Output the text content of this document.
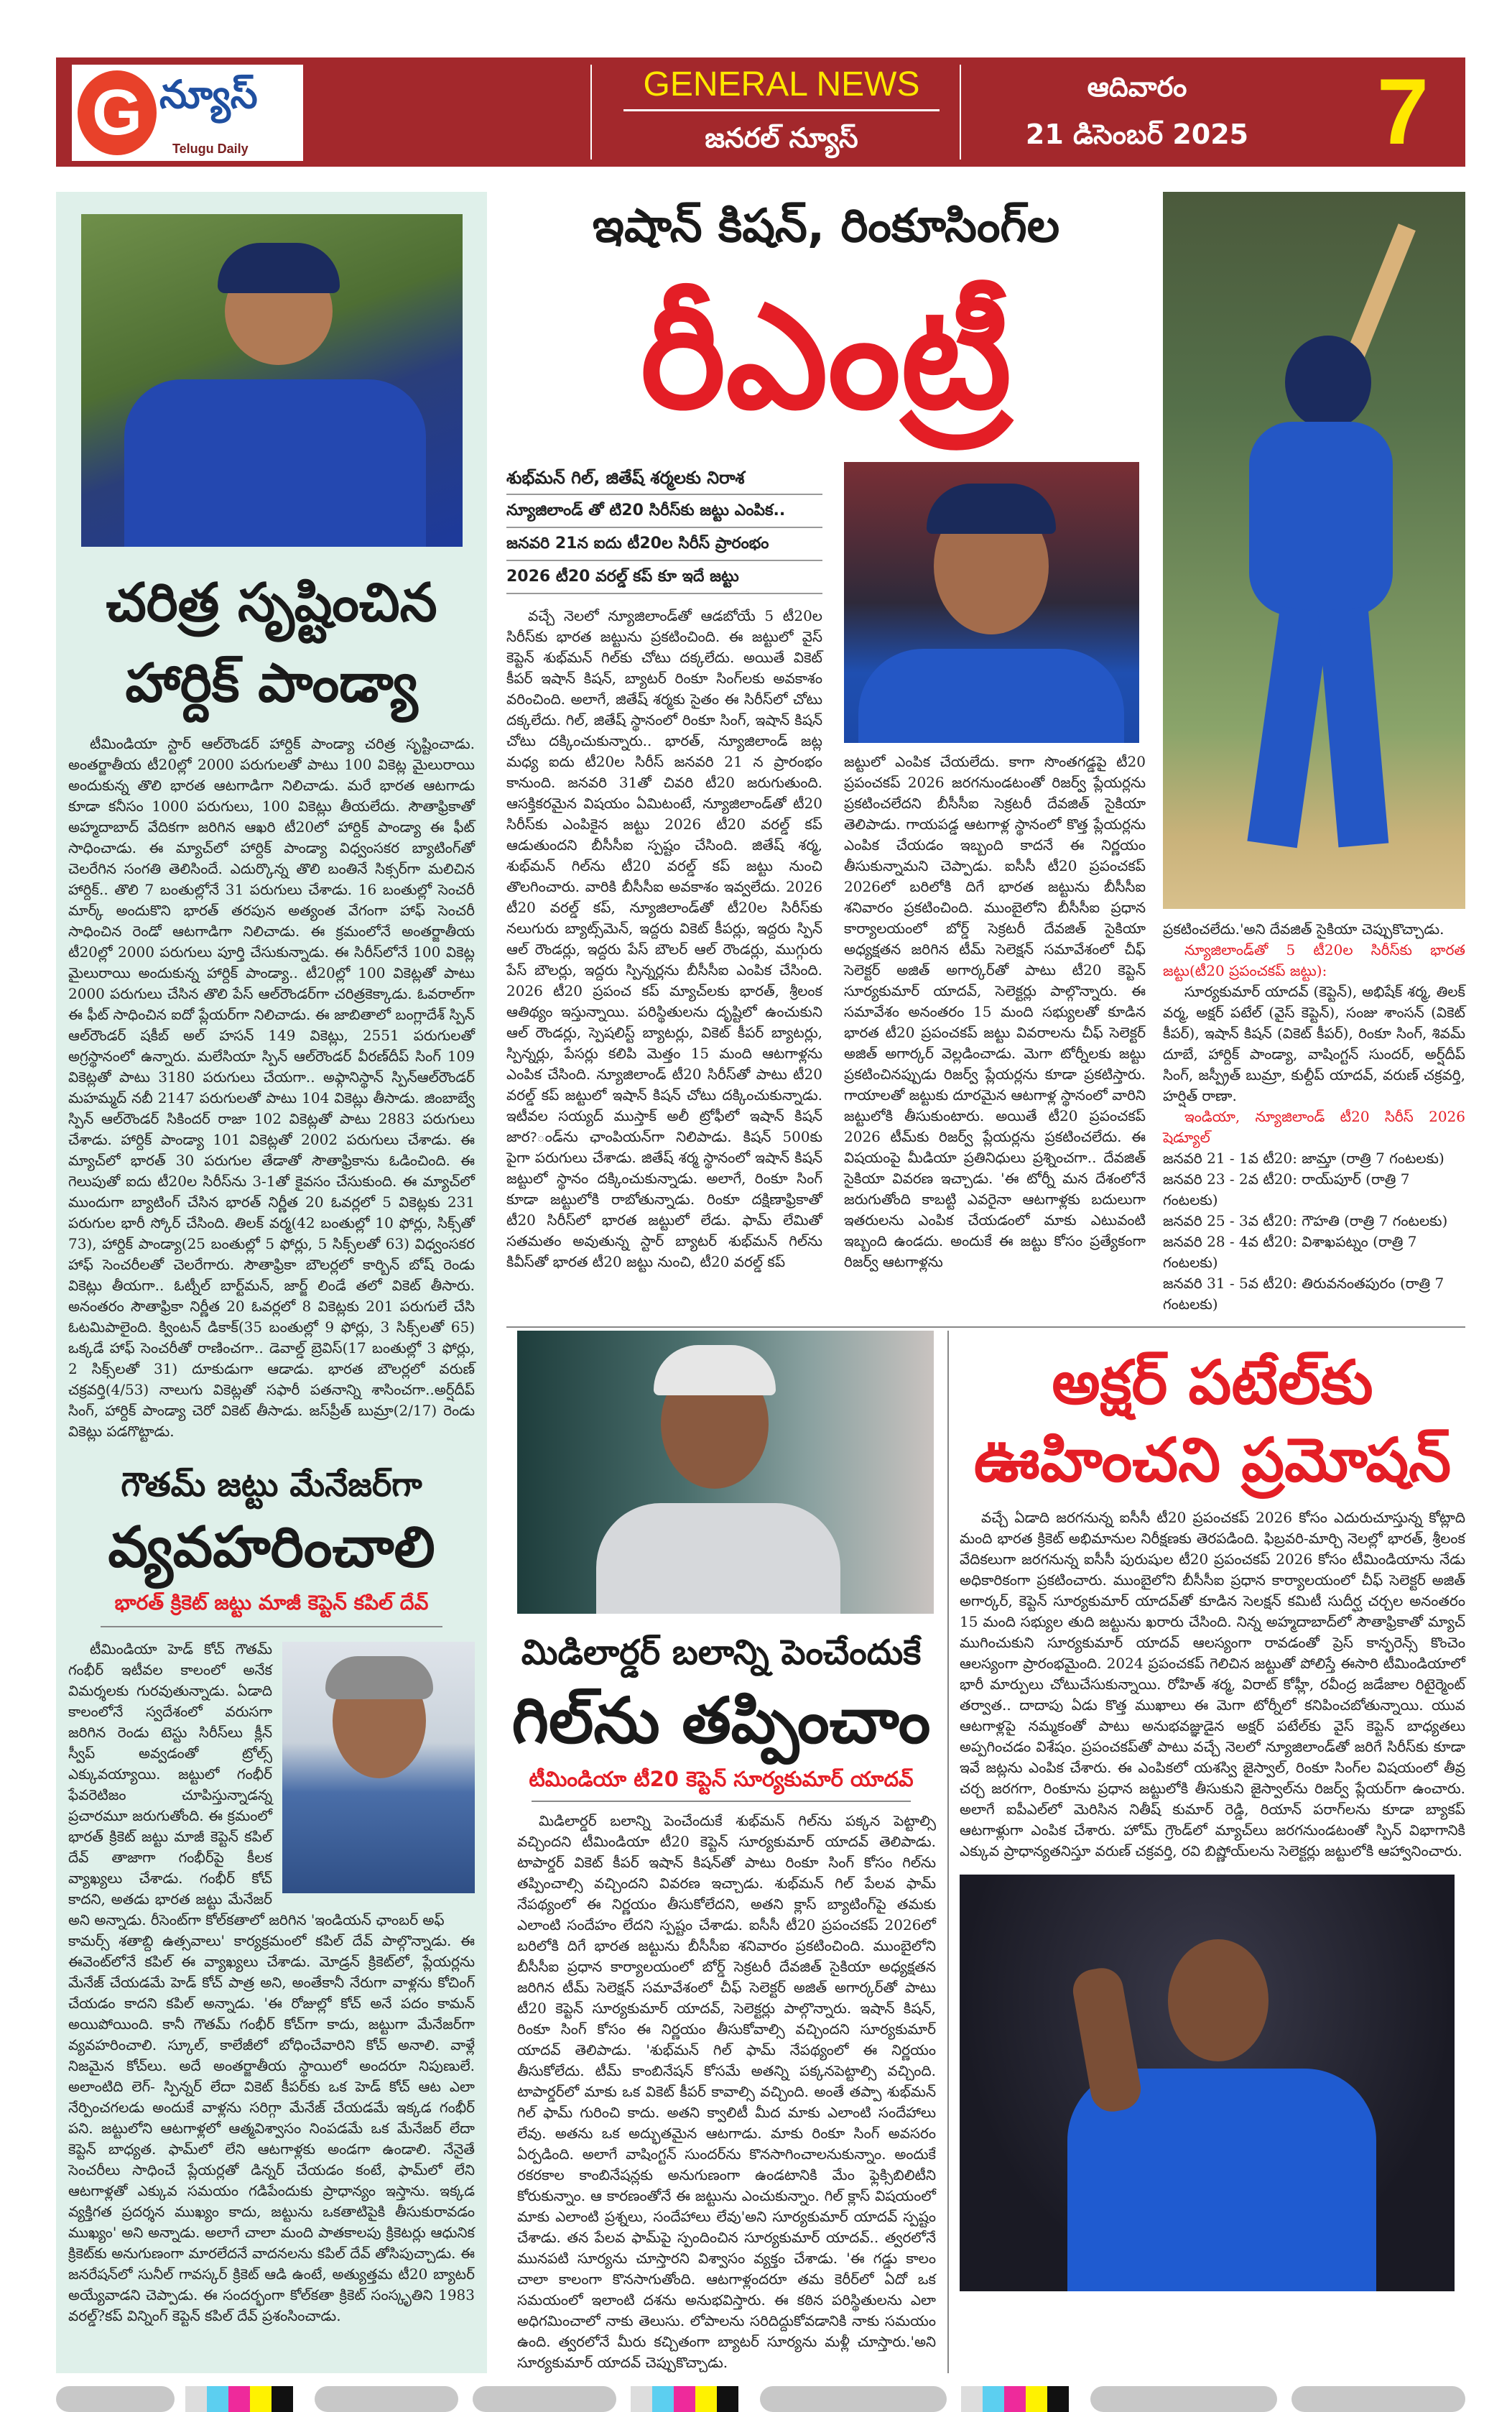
G న్యూస్
Telugu Daily
GENERAL NEWS
జనరల్ న్యూస్
ఆదివారం
21 డిసెంబర్ 2025	7
చరిత్ర సృష్టించిన
హార్దిక్ పాండ్యా

టీమిండియా స్టార్ ఆల్‌రౌండర్ హార్దిక్ పాండ్యా చరిత్ర సృష్టించాడు. అంతర్జాతీయ టీ20ల్లో 2000 పరుగులతో పాటు 100 వికెట్ల మైలురాయి అందుకున్న తొలి భారత ఆటగాడిగా నిలిచాడు. మరే భారత ఆటగాడు కూడా కనీసం 1000 పరుగులు, 100 వికెట్లు తీయలేదు. సౌతాఫ్రికాతో అహ్మదాబాద్ వేదికగా జరిగిన ఆఖరి టీ20లో హార్దిక్ పాండ్యా ఈ ఫీట్ సాధించాడు. ఈ మ్యాచ్‌లో హార్దిక్ పాండ్యా విధ్వంసకర బ్యాటింగ్‌తో చెలరేగిన సంగతి తెలిసిందే. ఎదుర్కొన్న తొలి బంతినే సిక్సర్‌గా మలిచిన హార్దిక్.. తొలి 7 బంతుల్లోనే 31 పరుగులు చేశాడు. 16 బంతుల్లో సెంచరీ మార్క్ అందుకొని భారత్ తరపున అత్యంత వేగంగా హాఫ్ సెంచరీ సాధించిన రెండో ఆటగాడిగా నిలిచాడు. ఈ క్రమంలోనే అంతర్జాతీయ టీ20ల్లో 2000 పరుగులు పూర్తి చేసుకున్నాడు. ఈ సిరీస్‌లోనే 100 వికెట్ల మైలురాయి అందుకున్న హార్దిక్ పాండ్యా.. టీ20ల్లో 100 వికెట్లతో పాటు 2000 పరుగులు చేసిన తొలి పేస్ ఆల్‌రౌండర్‌గా చరిత్రకెక్కాడు. ఓవరాల్‌గా ఈ ఫీట్ సాధించిన ఐదో ప్లేయర్‌గా నిలిచాడు. ఈ జాబితాలో బంగ్లాదేశ్ స్పిన్ ఆల్‌రౌండర్ షకీబ్ అల్ హసన్ 149 వికెట్లు, 2551 పరుగులతో అగ్రస్థానంలో ఉన్నారు. మలేసియా స్పిన్ ఆల్‌రౌండర్ వీరణ్‌దీప్ సింగ్ 109 వికెట్లతో పాటు 3180 పరుగులు చేయగా.. అఫ్గానిస్థాన్ స్పిన్‌ఆల్‌రౌండర్ మహమ్మద్ నబీ 2147 పరుగులతో పాటు 104 వికెట్లు తీసాడు. జింబాబ్వే స్పిన్ ఆల్‌రౌండర్ సికిందర్ రాజా 102 వికెట్లతో పాటు 2883 పరుగులు చేశాడు. హార్దిక్ పాండ్యా 101 వికెట్లతో 2002 పరుగులు చేశాడు. ఈ మ్యాచ్‌లో భారత్ 30 పరుగుల తేడాతో సౌతాఫ్రికాను ఓడించింది. ఈ గెలుపుతో ఐదు టీ20ల సిరీస్‌ను 3-1తో కైవసం చేసుకుంది. ఈ మ్యాచ్‌లో ముందుగా బ్యాటింగ్ చేసిన భారత్ నిర్ణీత 20 ఓవర్లలో 5 వికెట్లకు 231 పరుగుల భారీ స్కోర్ చేసింది. తిలక్ వర్మ(42 బంతుల్లో 10 ఫోర్లు, సిక్స్‌తో 73), హార్దిక్ పాండ్యా(25 బంతుల్లో 5 ఫోర్లు, 5 సిక్స్‌లతో 63) విధ్వంసకర హాఫ్ సెంచరీలతో చెలరేగారు. సౌతాఫ్రికా బౌలర్లలో కార్బిన్ బోష్ రెండు వికెట్లు తీయగా.. ఓట్నీల్ బార్ట్‌మన్, జార్జ్ లిండే తలో వికెట్ తీసారు. అనంతరం సౌతాఫ్రికా నిర్ణీత 20 ఓవర్లలో 8 వికెట్లకు 201 పరుగులే చేసి ఓటమిపాలైంది. క్వింటన్ డికాక్(35 బంతుల్లో 9 ఫోర్లు, 3 సిక్స్‌లతో 65) ఒక్కడే హాఫ్ సెంచరీతో రాణించగా.. డెవాల్డ్ బ్రెవిస్(17 బంతుల్లో 3 ఫోర్లు, 2 సిక్స్‌లతో 31) దూకుడుగా ఆడాడు. భారత బౌలర్లలో వరుణ్ చక్రవర్తి(4/53) నాలుగు వికెట్లతో సఫారీ పతనాన్ని శాసించగా..అర్ష్‌దీప్ సింగ్, హార్దిక్ పాండ్యా చెరో వికెట్ తీసాడు. జస్‌ప్రీత్ బుమ్రా(2/17) రెండు వికెట్లు పడగొట్టాడు.

గౌతమ్ జట్టు మేనేజర్‌గా
వ్యవహరించాలి
భారత్ క్రికెట్ జట్టు మాజీ కెప్టెన్ కపిల్ దేవ్

టీమిండియా హెడ్ కోచ్ గౌతమ్ గంభీర్ ఇటీవల కాలంలో అనేక విమర్శలకు గురవుతున్నాడు. ఏడాది కాలంలోనే స్వదేశంలో వరుసగా జరిగిన రెండు టెస్టు సిరీస్‌లు క్లీన్ స్వీప్ అవ్వడంతో ట్రోల్స్ ఎక్కువయ్యాయి. జట్టులో గంభీర్ ఫేవరెటిజం చూపిస్తున్నాడన్న ప్రచారమూ జరుగుతోంది. ఈ క్రమంలో భారత్ క్రికెట్ జట్టు మాజీ కెప్టెన్ కపిల్ దేవ్ తాజాగా గంభీర్‌పై కీలక వ్యాఖ్యలు చేశాడు. గంభీర్ కోచ్ కాదని, అతడు భారత జట్టు మేనేజర్ అని అన్నాడు. రీసెంట్‌గా కోల్‌కతాలో జరిగిన 'ఇండియన్ ఛాంబర్ అఫ్

కామర్స్ శతాబ్ది ఉత్సవాలు' కార్యక్రమంలో కపిల్ దేవ్ పాల్గొన్నాడు. ఈ ఈవెంట్‌లోనే కపిల్ ఈ వ్యాఖ్యలు చేశాడు. మోడ్రన్ క్రికెట్‌లో, ప్లేయర్లను మేనేజ్ చేయడమే హెడ్ కోచ్ పాత్ర అని, అంతేకానీ నేరుగా వాళ్లను కోచింగ్ చేయడం కాదని కపిల్ అన్నాడు. 'ఈ రోజుల్లో కోచ్ అనే పదం కామన్ అయిపోయింది. కానీ గౌతమ్ గంభీర్ కోచ్‌గా కాదు, జట్టుగా మేనేజర్‌గా వ్యవహరించాలి. స్కూల్, కాలేజీలో బోధించేవారిని కోచ్ అనాలి. వాళ్లే నిజమైన కోచ్‌లు. అదే అంతర్జాతీయ స్థాయిలో అందరూ నిపుణులే. అలాంటిది లెగ్- స్పిన్నర్ లేదా వికెట్ కీపర్‌కు ఒక హెడ్ కోచ్ ఆట ఎలా నేర్పించగలడు అందుకే వాళ్లను సరిగ్గా మేనేజ్ చేయడమే ఇక్కడ గంభీర్ పని. జట్టులోని ఆటగాళ్లలో ఆత్మవిశ్వాసం నింపడమే ఒక మేనేజర్ లేదా కెప్టెన్ బాధ్యత. ఫామ్‌లో లేని ఆటగాళ్లకు అండగా ఉండాలి. నేనైతే సెంచరీలు సాధించే ప్లేయర్లతో డిన్నర్ చేయడం కంటే, ఫామ్‌లో లేని ఆటగాళ్లతో ఎక్కువ సమయం గడిపేందుకు ప్రాధాన్యం ఇస్తాను. ఇక్కడ వ్యక్తిగత ప్రదర్శన ముఖ్యం కాదు, జట్టును ఒకతాటిపైకి తీసుకురావడం ముఖ్యం' అని అన్నాడు. అలాగే చాలా మంది పాతకాలపు క్రికెటర్లు ఆధునిక క్రికెట్‌కు అనుగుణంగా మారలేదనే వాదనలను కపిల్ దేవ్ తోసిపుచ్చాడు. ఈ జనరేషన్‌లో సునీల్ గావస్కర్ క్రికెట్ ఆడి ఉంటే, అత్యుత్తమ టీ20 బ్యాటర్ అయ్యేవాడని చెప్పాడు. ఈ సందర్భంగా కోల్‌కతా క్రికెట్ సంస్కృతిని 1983 వరల్డ్?కప్ విన్నింగ్ కెప్టెన్ కపిల్ దేవ్ ప్రశంసించాడు.

ఇషాన్ కిషన్, రింకూసింగ్‌ల
రీఎంట్రీ
శుభ్‌మన్ గిల్, జితేష్ శర్మలకు నిరాశ
న్యూజిలాండ్ తో టి20 సిరీస్‌కు జట్టు ఎంపిక..
జనవరి 21న ఐదు టీ20ల సిరీస్ ప్రారంభం
2026 టీ20 వరల్డ్ కప్ కూ ఇదే జట్టు

వచ్చే నెలలో న్యూజిలాండ్‌తో ఆడబోయే 5 టీ20ల సిరీస్‌కు భారత జట్టును ప్రకటించింది. ఈ జట్టులో వైస్ కెప్టెన్ శుభ్‌మన్ గిల్‌కు చోటు దక్కలేదు. అయితే వికెట్ కీపర్ ఇషాన్ కిషన్, బ్యాటర్ రింకూ సింగ్‌లకు అవకాశం వరించింది. అలాగే, జితేష్ శర్మకు సైతం ఈ సిరీస్‌లో చోటు దక్కలేదు. గిల్, జితేష్ స్థానంలో రింకూ సింగ్, ఇషాన్ కిషన్ చోటు దక్కించుకున్నారు.. భారత్, న్యూజిలాండ్ జట్ల మధ్య ఐదు టీ20ల సిరీస్ జనవరి 21 న ప్రారంభం కానుంది. జనవరి 31తో చివరి టీ20 జరుగుతుంది. ఆసక్తికరమైన విషయం ఏమిటంటే, న్యూజిలాండ్‌తో టీ20 సిరీస్‌కు ఎంపికైన జట్టు 2026 టీ20 వరల్డ్ కప్ ఆడుతుందని బీసీసీఐ స్పష్టం చేసింది. జితేష్ శర్మ, శుభ్‌మన్ గిల్‌ను టీ20 వరల్డ్ కప్ జట్టు నుంచి తొలగించారు. వారికి బీసీసీఐ అవకాశం ఇవ్వలేదు. 2026 టీ20 వరల్డ్ కప్, న్యూజిలాండ్‌తో టీ20ల సిరీస్‌కు నలుగురు బ్యాట్స్‌మెన్, ఇద్దరు వికెట్ కీపర్లు, ఇద్దరు స్పిన్ ఆల్ రౌండర్లు, ఇద్దరు పేస్ బౌలర్ ఆల్ రౌండర్లు, ముగ్గురు పేస్ బౌలర్లు, ఇద్దరు స్పిన్నర్లను బీసీసీఐ ఎంపిక చేసింది. 2026 టీ20 ప్రపంచ కప్ మ్యాచ్‌లకు భారత్, శ్రీలంక ఆతిథ్యం ఇస్తున్నాయి. పరిస్థితులను దృష్టిలో ఉంచుకుని ఆల్ రౌండర్లు, స్పెషలిస్ట్ బ్యాటర్లు, వికెట్ కీపర్ బ్యాటర్లు, స్పిన్నర్లు, పేసర్లు కలిపి మెత్తం 15 మంది ఆటగాళ్లను ఎంపిక చేసింది. న్యూజిలాండ్ టీ20 సిరీస్‌తో పాటు టీ20 వరల్డ్ కప్ జట్టులో ఇషాన్ కిషన్ చోటు దక్కించుకున్నాడు. ఇటీవల సయ్యద్ ముస్తాక్ అలీ ట్రోఫీలో ఇషాన్ కిషన్ జార?ండ్‌ను ఛాంపియన్‌గా నిలిపాడు. కిషన్ 500కు పైగా పరుగులు చేశాడు. జితేష్ శర్మ స్థానంలో ఇషాన్ కిషన్ జట్టులో స్థానం దక్కించుకున్నాడు. అలాగే, రింకూ సింగ్ కూడా జట్టులోకి రాబోతున్నాడు. రింకూ దక్షిణాఫ్రికాతో టీ20 సిరీస్‌లో భారత జట్టులో లేడు. ఫామ్ లేమితో సతమతం అవుతున్న స్టార్ బ్యాటర్ శుభ్‌మన్ గిల్‌ను కివీస్‌తో భారత టీ20 జట్టు నుంచి, టీ20 వరల్డ్ కప్

జట్టులో ఎంపిక చేయలేదు. కాగా సొంతగడ్డపై టీ20 ప్రపంచకప్ 2026 జరగనుండటంతో రిజర్వ్ ప్లేయర్లను ప్రకటించలేదని బీసీసీఐ సెక్రటరీ దేవజిత్ సైకియా తెలిపాడు. గాయపడ్డ ఆటగాళ్ల స్థానంలో కొత్త ప్లేయర్లను ఎంపిక చేయడం ఇబ్బంది కాదనే ఈ నిర్ణయం తీసుకున్నామని చెప్పాడు. ఐసీసీ టీ20 ప్రపంచకప్ 2026లో బరిలోకి దిగే భారత జట్టును బీసీసీఐ శనివారం ప్రకటించింది. ముంబైలోని బీసీసీఐ ప్రధాన కార్యాలయంలో బోర్డ్ సెక్రటరీ దేవజిత్ సైకియా అధ్యక్షతన జరిగిన టీమ్ సెలెక్షన్ సమావేశంలో చీఫ్ సెలెక్టర్ అజిత్ అగార్కర్‌తో పాటు టీ20 కెప్టెన్ సూర్యకుమార్ యాదవ్, సెలెక్టర్లు పాల్గొన్నారు. ఈ సమావేశం అనంతరం 15 మంది సభ్యులతో కూడిన భారత టీ20 ప్రపంచకప్ జట్టు వివరాలను చీఫ్ సెలెక్టర్ అజిత్ అగార్కర్ వెల్లడించాడు. మెగా టోర్నీలకు జట్టు ప్రకటించినప్పుడు రిజర్వ్ ప్లేయర్లను కూడా ప్రకటిస్తారు. గాయాలతో జట్టుకు దూరమైన ఆటగాళ్ల స్థానంలో వారిని జట్టులోకి తీసుకుంటారు. అయితే టీ20 ప్రపంచకప్ 2026 టీమ్‌కు రిజర్వ్ ప్లేయర్లను ప్రకటించలేదు. ఈ విషయంపై మీడియా ప్రతినిధులు ప్రశ్నించగా.. దేవజిత్ సైకియా వివరణ ఇచ్చాడు. 'ఈ టోర్నీ మన దేశంలోనే జరుగుతోంది కాబట్టి ఎవరైనా ఆటగాళ్లకు బదులుగా ఇతరులను ఎంపిక చేయడంలో మాకు ఎటువంటి ఇబ్బంది ఉండదు. అందుకే ఈ జట్టు కోసం ప్రత్యేకంగా రిజర్వ్ ఆటగాళ్లను

ప్రకటించలేదు.'అని దేవజిత్ సైకియా చెప్పుకొచ్చాడు.

న్యూజిలాండ్‌తో 5 టీ20ల సిరీస్‌కు భారత జట్టు(టీ20 ప్రపంచకప్ జట్టు):

సూర్యకుమార్ యాదవ్ (కెప్టెన్), అభిషేక్ శర్మ, తిలక్ వర్మ, అక్షర్ పటేల్ (వైస్ కెప్టెన్), సంజు శాంసన్ (వికెట్ కీపర్), ఇషాన్ కిషన్ (వికెట్ కీపర్), రింకూ సింగ్, శివమ్ దూబే, హార్దిక్ పాండ్యా, వాషింగ్టన్ సుందర్, అర్ష్‌దీప్ సింగ్, జస్ప్రీత్ బుమ్రా, కుల్దీప్ యాదవ్, వరుణ్ చక్రవర్తి, హర్షిత్ రాణా.

ఇండియా, న్యూజిలాండ్ టీ20 సిరీస్ 2026 షెడ్యూల్

జనవరి 21 - 1వ టీ20: జామ్తా (రాత్రి 7 గంటలకు)
జనవరి 23 - 2వ టీ20: రాయ్‌పూర్ (రాత్రి 7 గంటలకు)
జనవరి 25 - 3వ టీ20: గౌహతి (రాత్రి 7 గంటలకు)
జనవరి 28 - 4వ టీ20: విశాఖపట్నం (రాత్రి 7 గంటలకు)
జనవరి 31 - 5వ టీ20: తిరువనంతపురం (రాత్రి 7 గంటలకు)
మిడిలార్డర్ బలాన్ని పెంచేందుకే
గిల్‌ను తప్పించాం
టీమిండియా టీ20 కెప్టెన్ సూర్యకుమార్ యాదవ్

మిడిలార్డర్ బలాన్ని పెంచేందుకే శుభ్‌మన్ గిల్‌ను పక్కన పెట్టాల్సి వచ్చిందని టీమిండియా టీ20 కెప్టెన్ సూర్యకుమార్ యాదవ్ తెలిపాడు. టాపార్డర్ వికెట్ కీపర్ ఇషాన్ కిషన్‌తో పాటు రింకూ సింగ్ కోసం గిల్‌ను తప్పించాల్సి వచ్చిందని వివరణ ఇచ్చాడు. శుభ్‌మన్ గిల్ పేలవ ఫామ్ నేపథ్యంలో ఈ నిర్ణయం తీసుకోలేదని, అతని క్లాస్ బ్యాటింగ్‌పై తమకు ఎలాంటి సందేహం లేదని స్పష్టం చేశాడు. ఐసీసీ టీ20 ప్రపంచకప్ 2026లో బరిలోకి దిగే భారత జట్టును బీసీసీఐ శనివారం ప్రకటించింది. ముంబైలోని బీసీసీఐ ప్రధాన కార్యాలయంలో బోర్డ్ సెక్రటరీ దేవజిత్ సైకియా అధ్యక్షతన జరిగిన టీమ్ సెలెక్షన్ సమావేశంలో చీఫ్ సెలెక్టర్ అజిత్ అగార్కర్‌తో పాటు టీ20 కెప్టెన్ సూర్యకుమార్ యాదవ్, సెలెక్టర్లు పాల్గొన్నారు. ఇషాన్ కిషన్, రింకూ సింగ్ కోసం ఈ నిర్ణయం తీసుకోవాల్సి వచ్చిందని సూర్యకుమార్ యాదవ్ తెలిపాడు. 'శుభ్‌మన్ గిల్ ఫామ్ నేపథ్యంలో ఈ నిర్ణయం తీసుకోలేదు. టీమ్ కాంబినేషన్ కోసమే అతన్ని పక్కనపెట్టాల్సి వచ్చింది. టాపార్డర్‌లో మాకు ఒక వికెట్ కీపర్ కావాల్సి వచ్చింది. అంతే తప్పా శుభ్‌మన్ గిల్ ఫామ్ గురించి కాదు. అతని క్వాలిటీ మీద మాకు ఎలాంటి సందేహాలు లేవు. అతను ఒక అద్భుతమైన ఆటగాడు. మాకు రింకూ సింగ్ అవసరం ఏర్పడింది. అలాగే వాషింగ్టన్ సుందర్‌ను కొనసాగించాలనుకున్నాం. అందుకే రకరకాల కాంబినేషన్లకు అనుగుణంగా ఉండటానికి మేం ఫ్లెక్సిబిలిటీని కోరుకున్నాం. ఆ కారణంతోనే ఈ జట్టును ఎంచుకున్నాం. గిల్ క్లాస్ విషయంలో మాకు ఎలాంటి ప్రశ్నలు, సందేహాలు లేవు'అని సూర్యకుమార్ యాదవ్ స్పష్టం చేశాడు. తన పేలవ ఫామ్‌పై స్పందించిన సూర్యకుమార్ యాదవ్.. త్వరలోనే మునపటి సూర్యను చూస్తారని విశ్వాసం వ్యక్తం చేశాడు. 'ఈ గడ్డు కాలం చాలా కాలంగా కొనసాగుతోంది. ఆటగాళ్లందరూ తమ కెరీర్‌లో ఏదో ఒక సమయంలో ఇలాంటి దశను అనుభవిస్తారు. ఈ కఠిన పరిస్థితులను ఎలా అధిగమించాలో నాకు తెలుసు. లోపాలను సరిదిద్దుకోవడానికి నాకు సమయం ఉంది. త్వరలోనే మీరు కచ్చితంగా బ్యాటర్ సూర్యను మళ్లీ చూస్తారు.'అని సూర్యకుమార్ యాదవ్ చెప్పుకొచ్చాడు.

అక్షర్ పటేల్‌కు
ఊహించని ప్రమోషన్

వచ్చే ఏడాది జరగనున్న ఐసీసీ టీ20 ప్రపంచకప్ 2026 కోసం ఎదురుచూస్తున్న కోట్లాది మంది భారత క్రికెట్ అభిమానుల నిరీక్షణకు తెరపడింది. ఫిబ్రవరి-మార్చి నెలల్లో భారత్, శ్రీలంక వేదికలుగా జరగనున్న ఐసీసీ పురుషుల టీ20 ప్రపంచకప్ 2026 కోసం టీమిండియాను నేడు అధికారికంగా ప్రకటించారు. ముంబైలోని బీసీసీఐ ప్రధాన కార్యాలయంలో చీఫ్ సెలెక్టర్ అజిత్ అగార్కర్, కెప్టెన్ సూర్యకుమార్ యాదవ్‌తో కూడిన సెలక్షన్ కమిటీ సుదీర్ఘ చర్చల అనంతరం 15 మంది సభ్యుల తుది జట్టును ఖరారు చేసింది. నిన్న అహ్మదాబాద్‌లో సౌతాఫ్రికాతో మ్యాచ్ ముగించుకుని సూర్యకుమార్ యాదవ్ ఆలస్యంగా రావడంతో ప్రెస్ కాన్ఫరెన్స్ కొంచెం ఆలస్యంగా ప్రారంభమైంది. 2024 ప్రపంచకప్ గెలిచిన జట్టుతో పోలిస్తే ఈసారి టీమిండియాలో భారీ మార్పులు చోటుచేసుకున్నాయి. రోహిత్ శర్మ, విరాట్ కోహ్లీ, రవీంద్ర జడేజాల రిటైర్మెంట్ తర్వాత.. దాదాపు ఏడు కొత్త ముఖాలు ఈ మెగా టోర్నీలో కనిపించబోతున్నాయి. యువ ఆటగాళ్లపై నమ్మకంతో పాటు అనుభవజ్ఞుడైన అక్షర్ పటేల్‌కు వైస్ కెప్టెన్ బాధ్యతలు అప్పగించడం విశేషం. ప్రపంచకప్‌తో పాటు వచ్చే నెలలో న్యూజిలాండ్‌తో జరిగే సిరీస్‌కు కూడా ఇవే జట్లను ఎంపిక చేశారు. ఈ ఎంపికలో యశస్వి జైస్వాల్, రింకూ సింగ్‌ల విషయంలో తీవ్ర చర్చ జరగగా, రింకూను ప్రధాన జట్టులోకి తీసుకుని జైస్వాల్‌ను రిజర్వ్ ప్లేయర్‌గా ఉంచారు. అలాగే ఐపీఎల్‌లో మెరిసిన నితీష్ కుమార్ రెడ్డి, రియాన్ పరాగ్‌లను కూడా బ్యాకప్ ఆటగాళ్లుగా ఎంపిక చేశారు. హోమ్ గ్రౌండ్‌లో మ్యాచ్‌లు జరగనుండటంతో స్పిన్ విభాగానికి ఎక్కువ ప్రాధాన్యతనిస్తూ వరుణ్ చక్రవర్తి, రవి బిష్ణోయ్‌లను సెలెక్టర్లు జట్టులోకి ఆహ్వానించారు.
